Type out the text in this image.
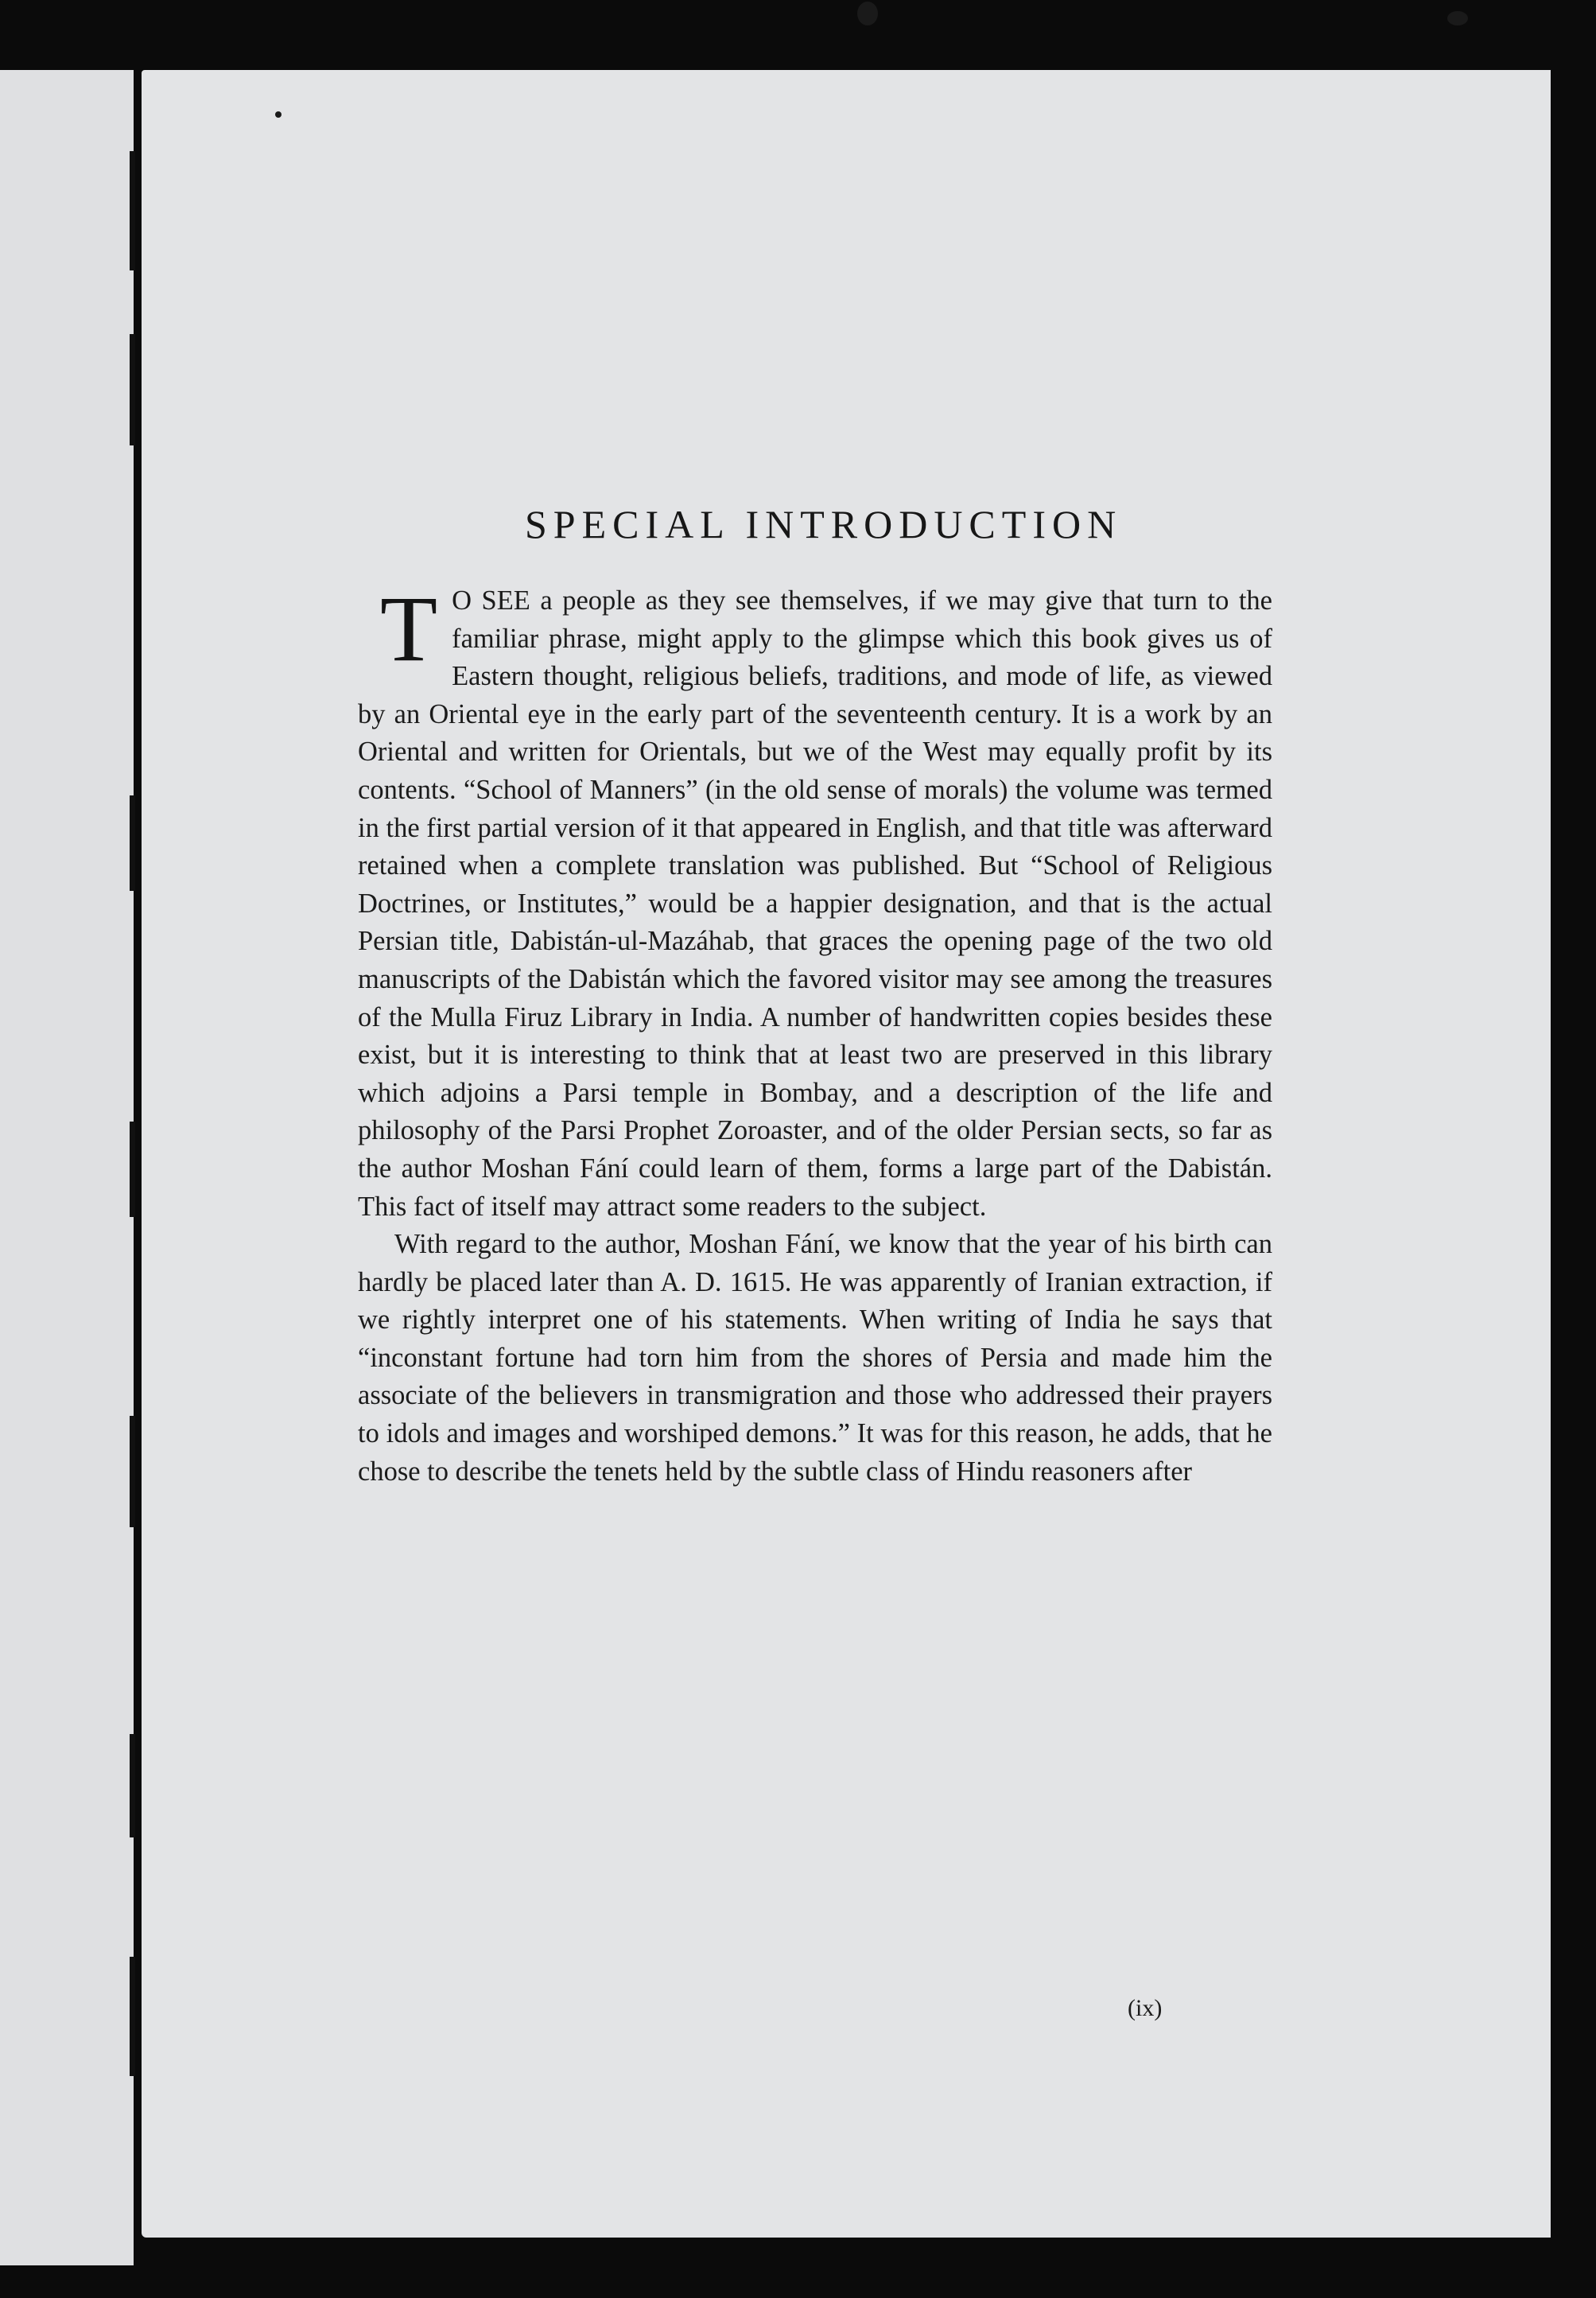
SPECIAL INTRODUCTION

T O SEE a people as they see themselves, if we may give that turn to the familiar phrase, might apply to the glimpse which this book gives us of Eastern thought, religious beliefs, traditions, and mode of life, as viewed by an Oriental eye in the early part of the seventeenth century. It is a work by an Oriental and written for Orientals, but we of the West may equally profit by its contents. “School of Manners” (in the old sense of morals) the volume was termed in the first partial version of it that appeared in English, and that title was afterward retained when a complete translation was published. But “School of Religious Doctrines, or Institutes,” would be a happier designation, and that is the actual Persian title, Dabistán-ul-Mazáhab, that graces the opening page of the two old manuscripts of the Dabistán which the favored visitor may see among the treasures of the Mulla Firuz Library in India. A number of handwritten copies besides these exist, but it is interesting to think that at least two are preserved in this library which adjoins a Parsi temple in Bombay, and a description of the life and philosophy of the Parsi Prophet Zoroaster, and of the older Persian sects, so far as the author Moshan Fání could learn of them, forms a large part of the Dabistán. This fact of itself may attract some readers to the subject.

With regard to the author, Moshan Fání, we know that the year of his birth can hardly be placed later than A. D. 1615. He was apparently of Iranian extraction, if we rightly interpret one of his statements. When writing of India he says that “inconstant fortune had torn him from the shores of Persia and made him the associate of the believers in transmigration and those who addressed their prayers to idols and images and worshiped demons.” It was for this reason, he adds, that he chose to describe the tenets held by the subtle class of Hindu reasoners after

(ix)
